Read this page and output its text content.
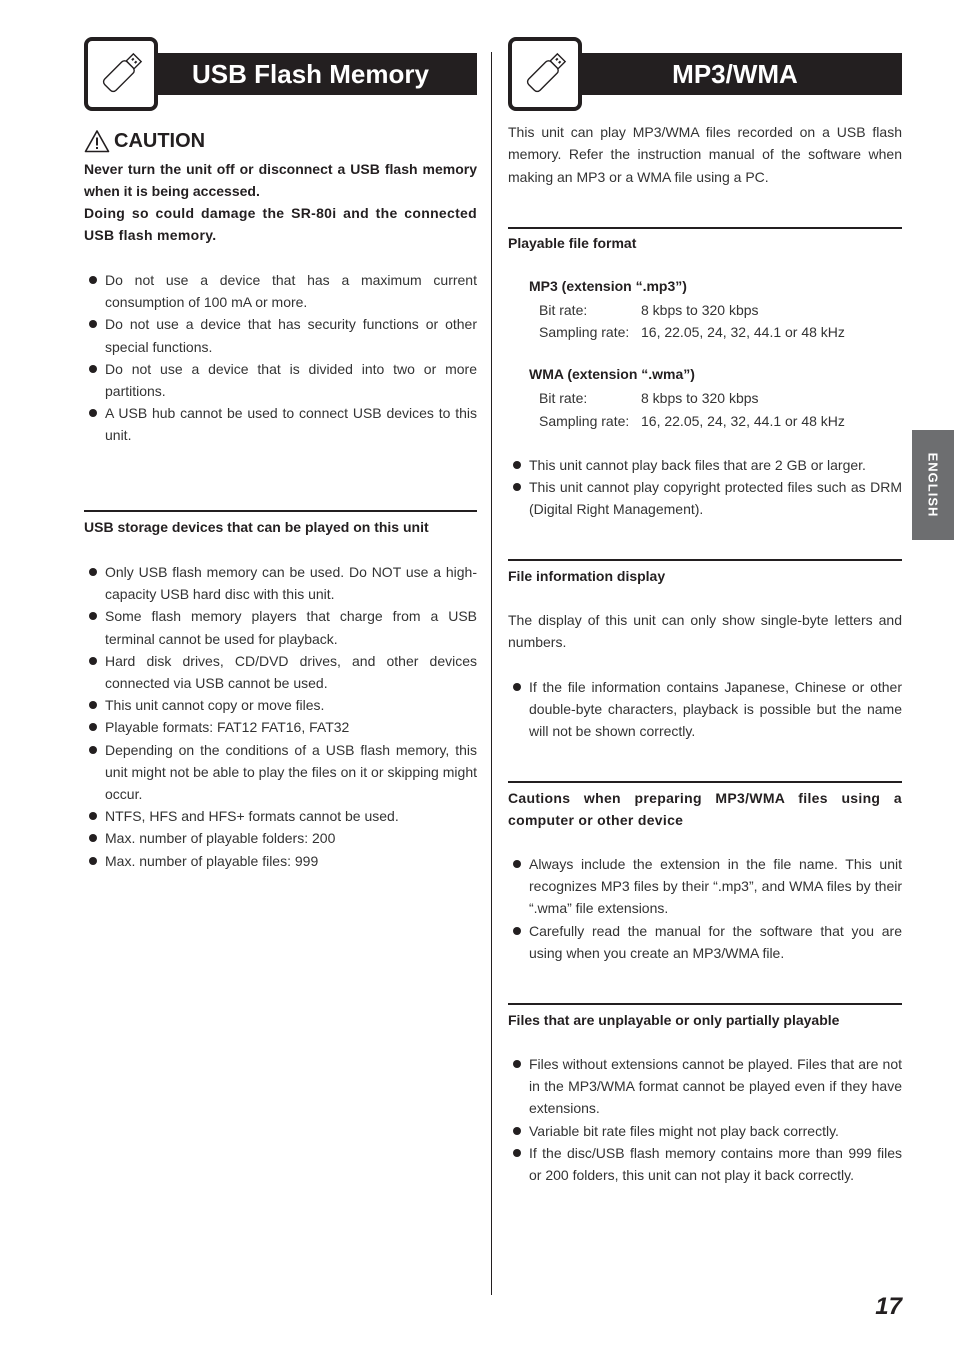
USB Flash Memory
CAUTION

Never turn the unit off or disconnect a USB flash memory when it is being accessed.

Doing so could damage the SR-80i and the connected USB flash memory.

Do not use a device that has a maximum current consumption of 100 mA or more.
Do not use a device that has security functions or other special functions.
Do not use a device that is divided into two or more partitions.
A USB hub cannot be used to connect USB devices to this unit.

USB storage devices that can be played on this unit

Only USB flash memory can be used. Do NOT use a high-capacity USB hard disc with this unit.
Some flash memory players that charge from a USB terminal cannot be used for playback.
Hard disk drives, CD/DVD drives, and other devices connected via USB cannot be used.
This unit cannot copy or move files.
Playable formats: FAT12 FAT16, FAT32
Depending on the conditions of a USB flash memory, this unit might not be able to play the files on it or skipping might occur.
NTFS, HFS and HFS+ formats cannot be used.
Max. number of playable folders: 200
Max. number of playable files: 999
MP3/WMA

This unit can play MP3/WMA files recorded on a USB flash memory. Refer the instruction manual of the software when making an MP3 or a WMA file using a PC.

Playable file format

MP3 (extension “.mp3”)
Bit rate:	8 kbps to 320 kbps
Sampling rate: 16, 22.05, 24, 32, 44.1 or 48 kHz
WMA (extension “.wma”)
Bit rate:	8 kbps to 320 kbps
Sampling rate: 16, 22.05, 24, 32, 44.1 or 48 kHz
This unit cannot play back files that are 2 GB or larger.
This unit cannot play copyright protected files such as DRM (Digital Right Management).

File information display

The display of this unit can only show single-byte letters and numbers.

If the file information contains Japanese, Chinese or other double-byte characters, playback is possible but the name will not be shown correctly.

Cautions when preparing MP3/WMA files using a computer or other device

Always include the extension in the file name. This unit recognizes MP3 files by their “.mp3”, and WMA files by their “.wma” file extensions.
Carefully read the manual for the software that you are using when you create an MP3/WMA file.

Files that are unplayable or only partially playable

Files without extensions cannot be played. Files that are not in the MP3/WMA format cannot be played even if they have extensions.
Variable bit rate files might not play back correctly.
If the disc/USB flash memory contains more than 999 files or 200 folders, this unit can not play it back correctly.
ENGLISH
17
